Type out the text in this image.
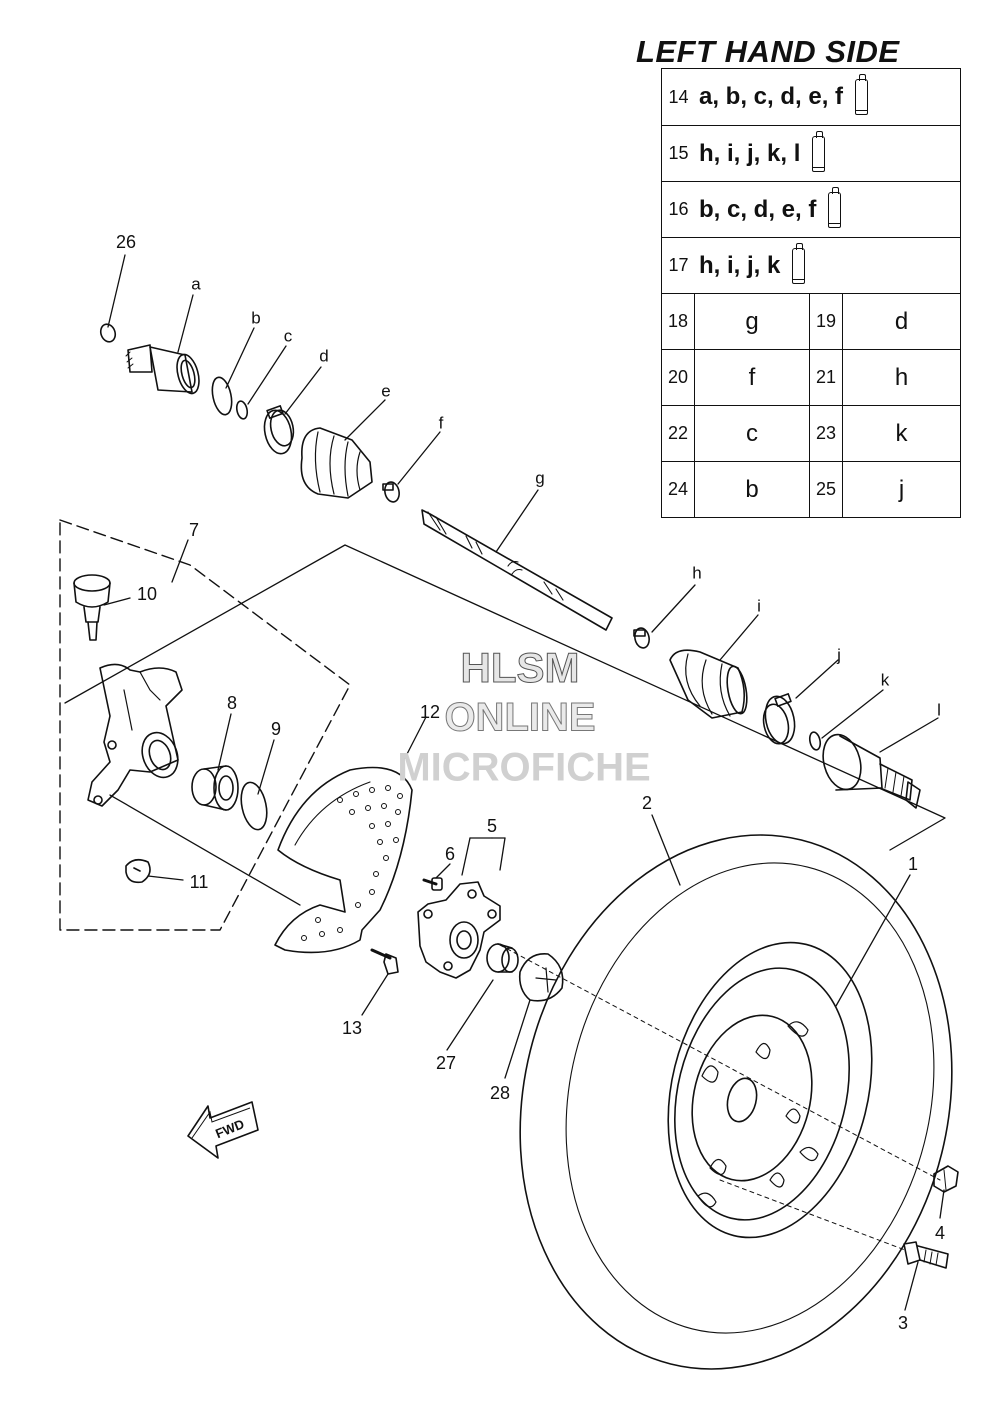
FWD
HLSM
ONLINE
MICROFICHE
26
a
b
c
d
e
f
g
h
i
j
k
l
7
10
8
9
11
12
13
5
6
27
28
2
1
4
3
LEFT HAND SIDE
14 a, b, c, d, e, f
15 h, i, j, k, l
16 b, c, d, e, f
17 h, i, j, k
18	g	19	d
20	f	21	h
22	c	23	k
24	b	25	j
